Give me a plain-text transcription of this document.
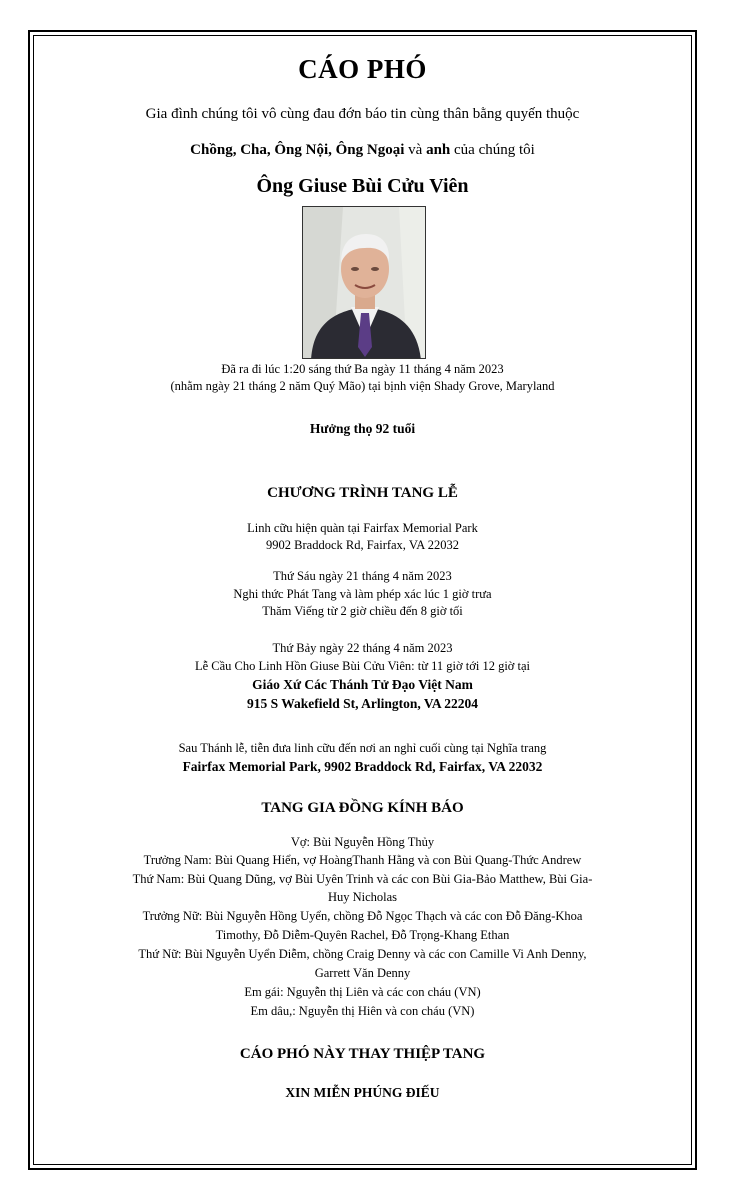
CÁO PHÓ
Gia đình chúng tôi vô cùng đau đớn báo tin cùng thân bằng quyến thuộc
Chồng, Cha, Ông Nội, Ông Ngoại và anh của chúng tôi
Ông Giuse Bùi Cửu Viên
Đã ra đi lúc 1:20 sáng thứ Ba ngày 11 tháng 4 năm 2023
(nhằm ngày 21 tháng 2 năm Quý Mão) tại bịnh viện Shady Grove, Maryland
Hưởng thọ 92 tuổi
CHƯƠNG TRÌNH TANG LỄ
Linh cữu hiện quàn tại Fairfax Memorial Park
9902 Braddock Rd, Fairfax, VA 22032
Thứ Sáu ngày 21 tháng 4 năm 2023
Nghi thức Phát Tang và làm phép xác lúc 1 giờ trưa
Thăm Viếng từ 2 giờ chiều đến 8 giờ tối
Thứ Bảy ngày 22 tháng 4 năm 2023
Lễ Cầu Cho Linh Hồn Giuse Bùi Cửu Viên: từ 11 giờ tới 12 giờ tại
Giáo Xứ Các Thánh Tử Đạo Việt Nam
915 S Wakefield St, Arlington, VA 22204
Sau Thánh lễ, tiễn đưa linh cữu đến nơi an nghỉ cuối cùng tại Nghĩa trang
Fairfax Memorial Park, 9902 Braddock Rd, Fairfax, VA 22032
TANG GIA ĐỒNG KÍNH BÁO
Vợ: Bùi Nguyễn Hồng Thủy
Trưởng Nam: Bùi Quang Hiển, vợ HoàngThanh Hằng và con Bùi Quang-Thức Andrew
Thứ Nam: Bùi Quang Dũng, vợ Bùi Uyên Trinh và các con Bùi Gia-Bảo Matthew, Bùi Gia-
Huy Nicholas
Trưởng Nữ: Bùi Nguyễn Hồng Uyển, chồng Đỗ Ngọc Thạch và các con Đỗ Đăng-Khoa
Timothy, Đỗ Diễm-Quyên Rachel, Đỗ Trọng-Khang Ethan
Thứ Nữ: Bùi Nguyễn Uyển Diễm, chồng Craig Denny và các con Camille Vi Anh Denny,
Garrett Văn Denny
Em gái: Nguyễn thị Liên và các con cháu (VN)
Em dâu,: Nguyễn thị Hiên và con cháu (VN)
CÁO PHÓ NÀY THAY THIỆP TANG
XIN MIỄN PHÚNG ĐIẾU
